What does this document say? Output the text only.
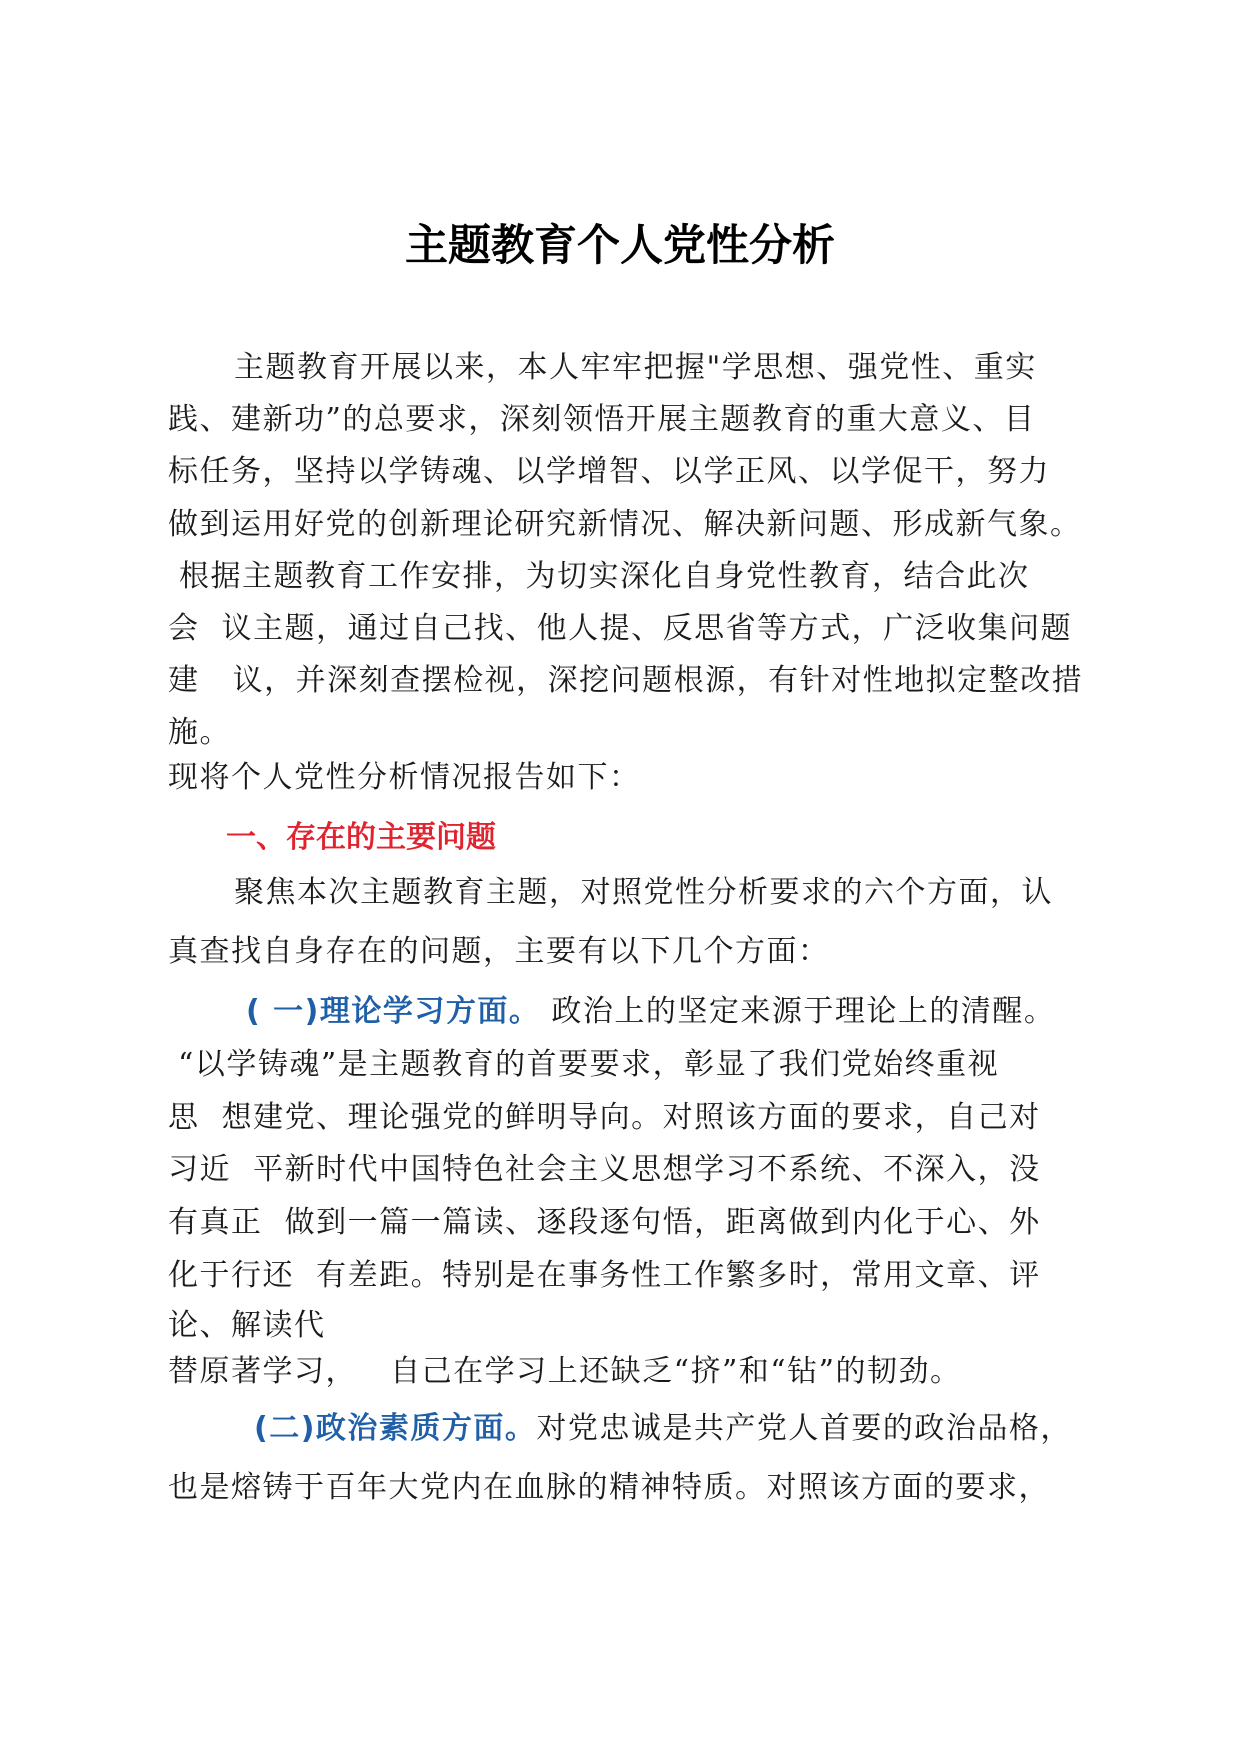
主题教育个人党性分析
主题教育开展以来，本人牢牢把握"学思想、强党性、重实
践、建新功”的总要求，深刻领悟开展主题教育的重大意义、目
标任务，坚持以学铸魂、以学增智、以学正风、以学促干，努力
做到运用好党的创新理论研究新情况、解决新问题、形成新气象。
根据主题教育工作安排，为切实深化自身党性教育，结合此次
会  议主题，通过自己找、他人提、反思省等方式，广泛收集问题
建   议，并深刻查摆检视，深挖问题根源，有针对性地拟定整改措
施。
现将个人党性分析情况报告如下：
一、存在的主要问题
聚焦本次主题教育主题，对照党性分析要求的六个方面，认
真查找自身存在的问题，主要有以下几个方面：
( 一)理论学习方面。 政治上的坚定来源于理论上的清醒。
“以学铸魂”是主题教育的首要要求，彰显了我们党始终重视
思  想建党、理论强党的鲜明导向。对照该方面的要求，自己对
习近  平新时代中国特色社会主义思想学习不系统、不深入，没
有真正  做到一篇一篇读、逐段逐句悟，距离做到内化于心、外
化于行还  有差距。特别是在事务性工作繁多时，常用文章、评
论、解读代
替原著学习，   自己在学习上还缺乏“挤”和“钻”的韧劲。
(二)政治素质方面。对党忠诚是共产党人首要的政治品格，
也是熔铸于百年大党内在血脉的精神特质。对照该方面的要求，
